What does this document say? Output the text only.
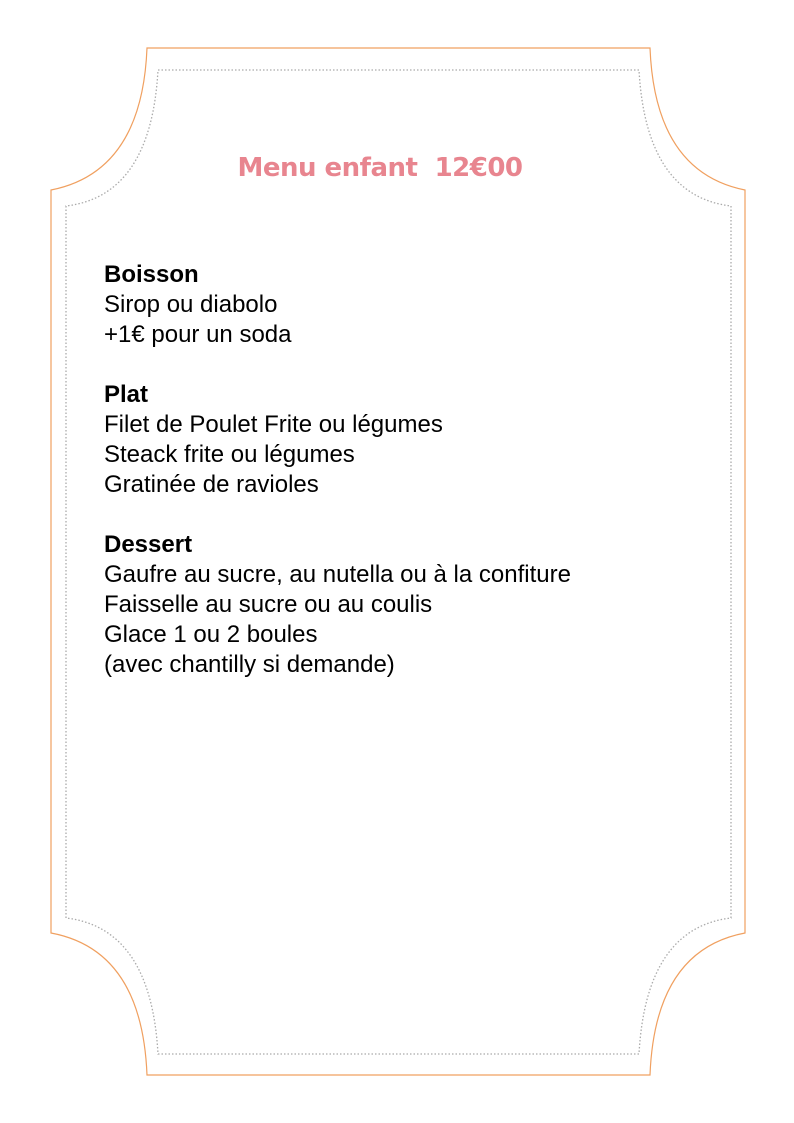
Menu enfant  12€00

Boisson

Sirop ou diabolo

+1€ pour un soda

Plat

Filet de Poulet Frite ou légumes

Steack frite ou légumes

Gratinée de ravioles

Dessert

Gaufre au sucre, au nutella ou à la confiture

Faisselle au sucre ou au coulis

Glace 1 ou 2 boules

(avec chantilly si demande)
